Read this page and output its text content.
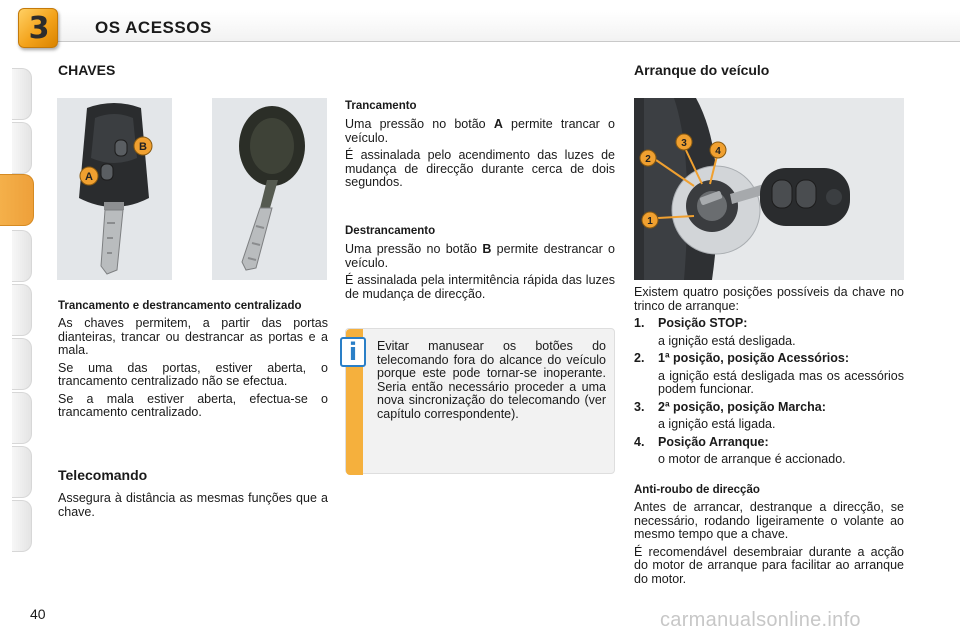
3	OS ACESSOS
CHAVES
B
A
Trancamento e destrancamento centralizado

As chaves permitem, a partir das portas dianteiras, trancar ou destrancar as portas e a mala.

Se uma das portas, estiver aberta, o trancamento centralizado não se efectua.

Se a mala estiver aberta, efectua-se o trancamento centralizado.

Telecomando

Assegura à distância as mesmas funções que a chave.

Trancamento

Uma pressão no botão A permite trancar o veículo.

É assinalada pelo acendimento das luzes de mudança de direcção durante cerca de dois segundos.

Destrancamento

Uma pressão no botão B permite destrancar o veículo.

É assinalada pela intermitência rápida das luzes de mudança de direcção.

i	Evitar manusear os botões do telecomando fora do alcance do veículo porque este pode tornar-se inoperante. Seria então necessário proceder a uma nova sincronização do telecomando (ver capítulo correspondente).

Arranque do veículo
1
2
3
4

Existem quatro posições possíveis da chave no trinco de arranque:

1. Posição STOP:
a ignição está desligada.
2. 1ª posição, posição Acessórios:
a ignição está desligada mas os acessórios podem funcionar.
3. 2ª posição, posição Marcha:
a ignição está ligada.
4. Posição Arranque:
o motor de arranque é accionado.
Anti-roubo de direcção

Antes de arrancar, destranque a direcção, se necessário, rodando ligeiramente o volante ao mesmo tempo que a chave.

É recomendável desembraiar durante a acção do motor de arranque para facilitar ao arranque do motor.

40	carmanualsonline.info
